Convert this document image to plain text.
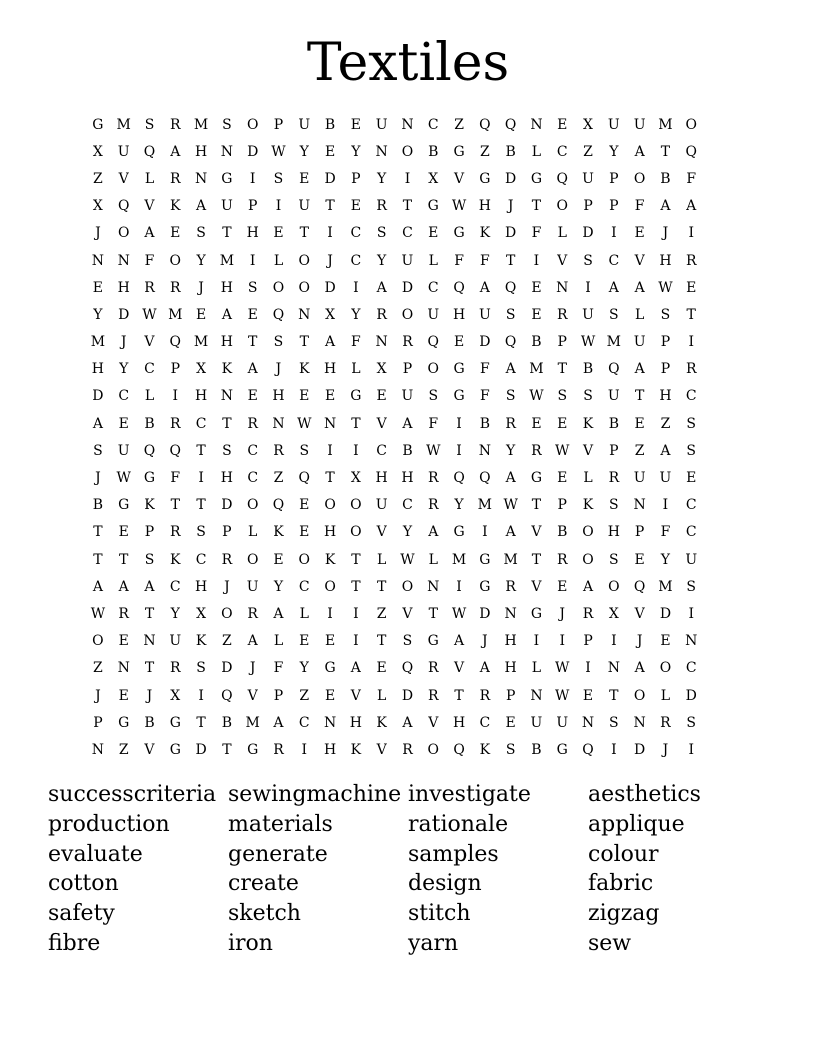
Textiles
G M S	R M S	O	P	U	B	E	U N	C	Z	Q	Q N	E	X	U U M O
X	U	Q	A	H N	D W Y	E	Y	N O	B	G	Z	B	L	C	Z	Y	A	T	Q
Z	V	L	R	N	G	I	S	E	D	P	Y	I	X	V	G	D	G	Q	U	P	O	B	F
X	Q	V	K	A	U	P	I	U	T	E	R	T	G W H	J	T	O	P	P	F	A	A
J	O	A	E	S	T	H	E	T	I	C	S	C	E	G	K	D	F	L	D	I	E	J	I
N N	F	O	Y	M	I	L	O	J	C	Y	U	L	F	F	T	I	V	S	C	V	H	R
E	H	R	R	J	H	S	O	O	D	I	A	D	C	Q	A	Q	E	N	I	A	A W E
Y	D W M E	A	E	Q N	X	Y	R	O	U H U	S	E	R	U	S	L	S	T
M	J	V	Q M H	T	S	T	A	F	N	R	Q	E	D	Q	B	P W M U	P	I
H	Y	C	P	X	K	A	J	K	H	L	X	P	O	G	F	A M T	B	Q	A	P	R
D	C	L	I	H N	E	H	E	E	G	E	U	S	G	F	S W S	S	U	T	H	C
A	E	B	R	C	T	R	N W N	T	V	A	F	I	B	R	E	E	K	B	E	Z	S
S	U	Q	Q	T	S	C	R	S	I	I	C	B W	I	N	Y	R W V	P	Z	A	S
J	W G	F	I	H	C	Z	Q	T	X	H H	R	Q	Q	A	G	E	L	R	U U	E
B	G	K	T	T	D	O	Q	E	O	O	U	C	R	Y	M W T	P	K	S	N	I	C
T	E	P	R	S	P	L	K	E	H O	V	Y	A	G	I	A	V	B	O H	P	F	C
T	T	S	K	C	R	O	E	O	K	T	L W L M G M T	R	O	S	E	Y	U
A	A	A	C	H	J	U	Y	C	O	T	T	O N	I	G	R	V	E	A	O	Q M S
W R	T	Y	X	O	R	A	L	I	I	Z	V	T W D	N	G	J	R	X	V	D	I
O	E	N U	K	Z	A	L	E	E	I	T	S	G	A	J	H	I	I	P	I	J	E	N
Z	N	T	R	S	D	J	F	Y	G	A	E	Q	R	V	A	H	L W	I	N	A	O	C
J	E	J	X	I	Q	V	P	Z	E	V	L	D	R	T	R	P	N W E	T	O	L	D
P	G	B	G	T	B M A	C	N H	K	A	V	H	C	E	U U N	S	N	R	S
N	Z	V	G	D	T	G	R	I	H	K	V	R	O	Q	K	S	B	G	Q	I	D	J	I
successcriteria sewingmachine investigate	aesthetics
production	materials	rationale	applique
evaluate	generate	samples	colour
cotton	create	design	fabric
safety	sketch	stitch	zigzag
fibre	iron	yarn	sew
